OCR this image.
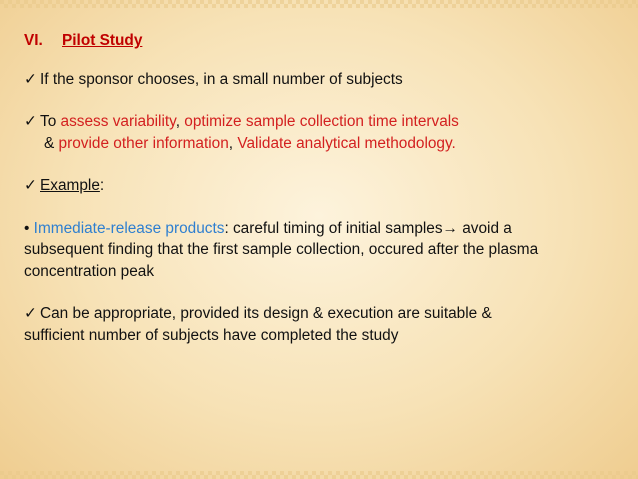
VI. Pilot Study
✓ If the sponsor chooses, in a small number of subjects
✓ To assess variability, optimize sample collection time intervals
& provide other information, Validate analytical methodology.
✓ Example:
• Immediate-release products: careful timing of initial samples→ avoid a
subsequent finding that the first sample collection, occured after the plasma
concentration peak
✓ Can be appropriate, provided its design & execution are suitable &
sufficient number of subjects have completed the study
